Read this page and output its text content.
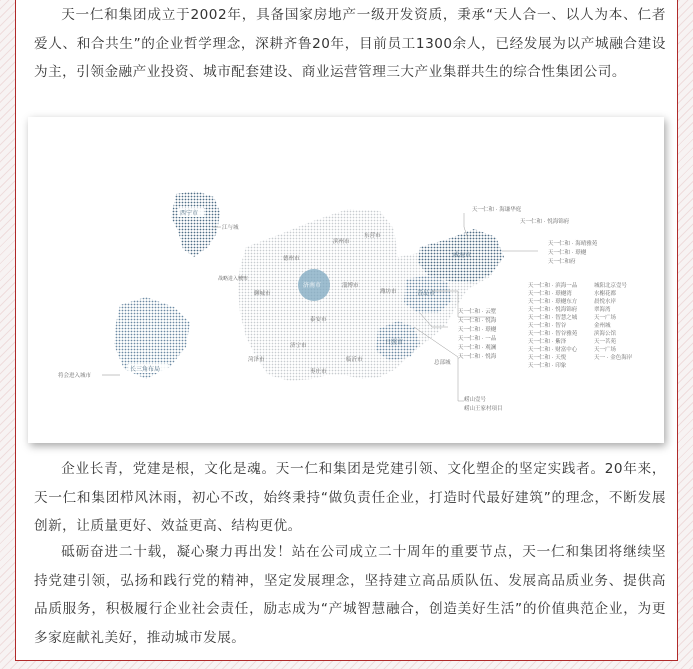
天一仁和集团成立于2002年，具备国家房地产一级开发资质，秉承“天人合一、以人为本、仁者爱人、和合共生”的企业哲学理念，深耕齐鲁20年，目前员工1300余人，已经发展为以产城融合建设为主，引领金融产业投资、城市配套建设、商业运营管理三大产业集群共生的综合性集团公司。

西宁市
江与城
长三角布局
将会进入城市
济南市
威海市
青岛市
日照市
德州市
滨州市
东营市
聊城市
淄博市
潍坊市
泰安市
济宁市
菏泽市	临沂市
枣庄市
战略进入城市
总部城
天一仁和 · 海谦华庭
天一仁和 · 悦海锦府
天一仁和 · 海晴雅苑
天一仁和 · 璟樾
天一仁和府
天一仁和 · 云墅
天一仁和 · 悦海
天一仁和 · 璟樾
天一仁和 · 一品
天一仁和 · 观澜
天一仁和 · 悦海
天一仁和 · 滨海一品
天一仁和 · 璟樾湾
天一仁和 · 璟樾东方
天一仁和 · 悦海锦府
天一仁和 · 智慧之城
天一仁和 · 智谷
天一仁和 · 智谷雅苑
天一仁和 · 紫泽
天一仁和 · 财富中心
天一仁和 · 天悦
天一仁和 · 印象
城阳北京壹号
水榭花都
晨悦水岸
翠海湾
天一广场
金州城
滨海公馆
天一茗苑
天一广场
天一 · 金色海岸
崂山壹号
崂山王家村项目

企业长青，党建是根，文化是魂。天一仁和集团是党建引领、文化塑企的坚定实践者。20年来，天一仁和集团栉风沐雨，初心不改，始终秉持“做负责任企业，打造时代最好建筑”的理念，不断发展创新，让质量更好、效益更高、结构更优。

砥砺奋进二十载，凝心聚力再出发！站在公司成立二十周年的重要节点，天一仁和集团将继续坚持党建引领，弘扬和践行党的精神，坚定发展理念，坚持建立高品质队伍、发展高品质业务、提供高品质服务，积极履行企业社会责任，励志成为“产城智慧融合，创造美好生活”的价值典范企业，为更多家庭献礼美好，推动城市发展。
